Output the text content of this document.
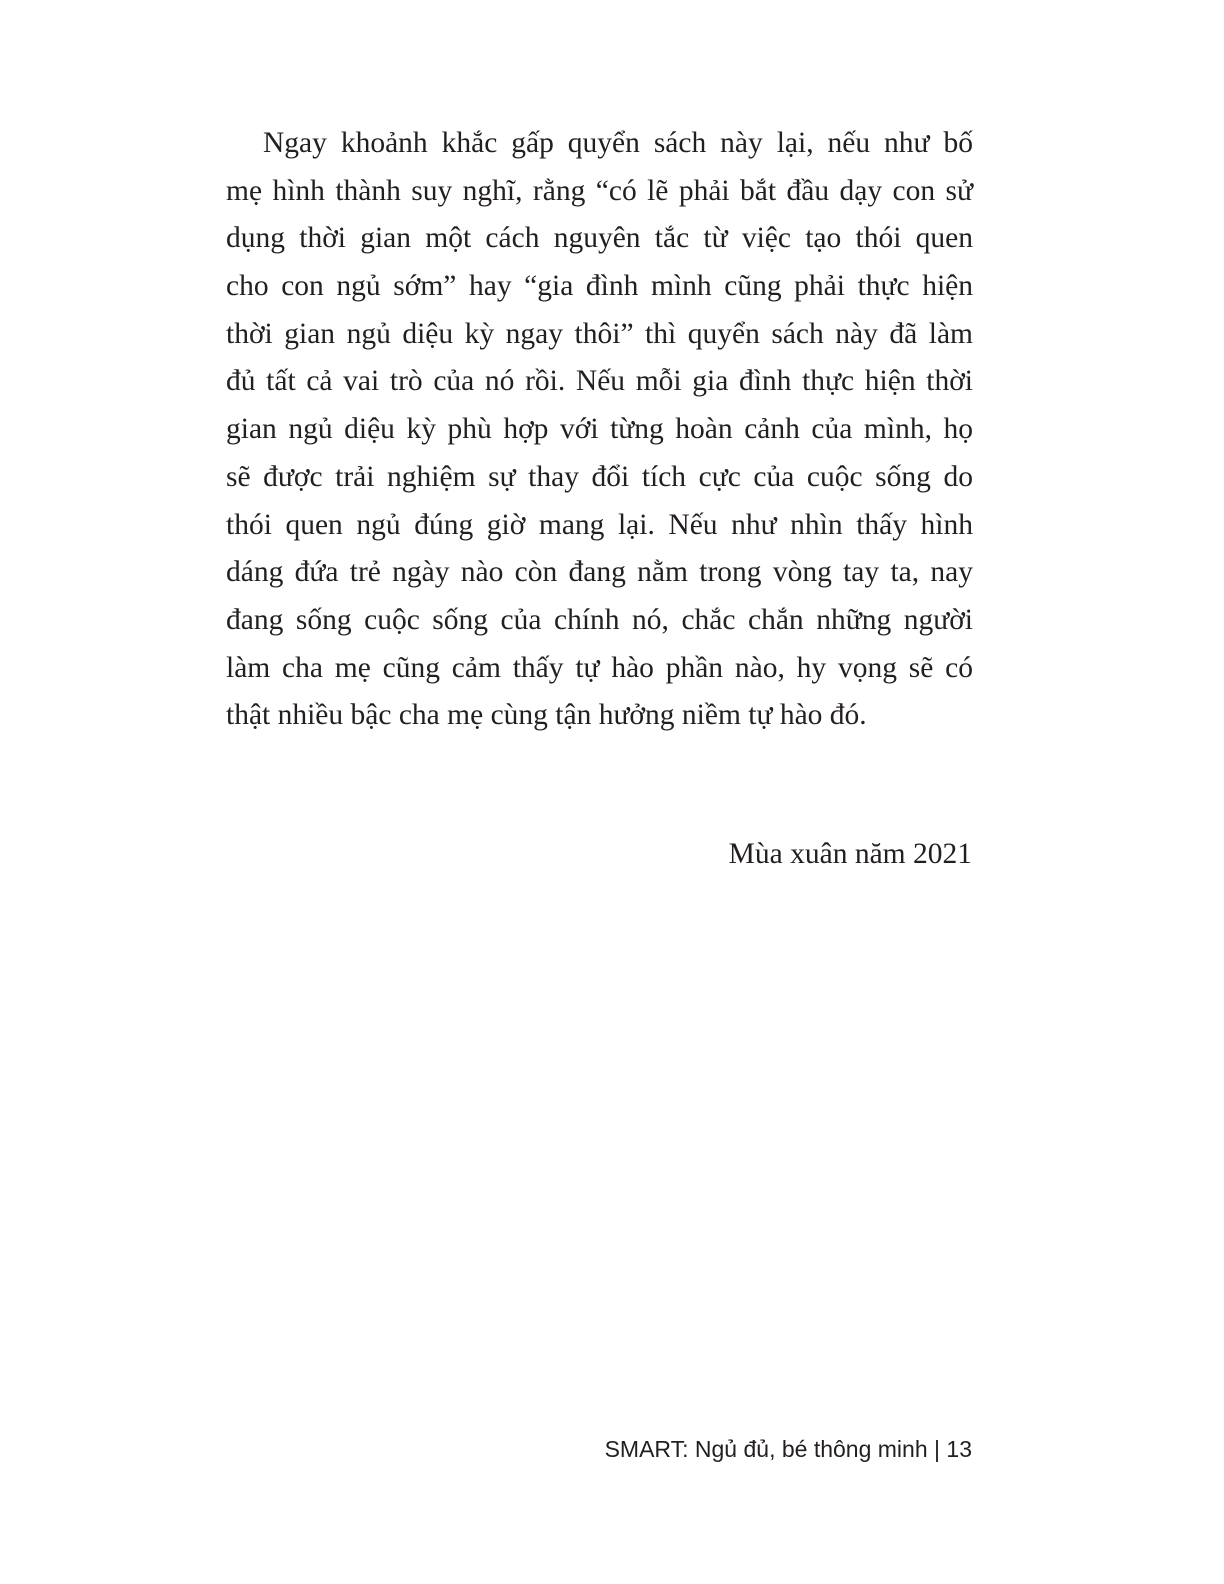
Ngay khoảnh khắc gấp quyển sách này lại, nếu như bố
mẹ hình thành suy nghĩ, rằng “có lẽ phải bắt đầu dạy con sử
dụng thời gian một cách nguyên tắc từ việc tạo thói quen
cho con ngủ sớm” hay “gia đình mình cũng phải thực hiện
thời gian ngủ diệu kỳ ngay thôi” thì quyển sách này đã làm
đủ tất cả vai trò của nó rồi. Nếu mỗi gia đình thực hiện thời
gian ngủ diệu kỳ phù hợp với từng hoàn cảnh của mình, họ
sẽ được trải nghiệm sự thay đổi tích cực của cuộc sống do
thói quen ngủ đúng giờ mang lại. Nếu như nhìn thấy hình
dáng đứa trẻ ngày nào còn đang nằm trong vòng tay ta, nay
đang sống cuộc sống của chính nó, chắc chắn những người
làm cha mẹ cũng cảm thấy tự hào phần nào, hy vọng sẽ có
thật nhiều bậc cha mẹ cùng tận hưởng niềm tự hào đó.
Mùa xuân năm 2021
SMART: Ngủ đủ, bé thông minh | 13
